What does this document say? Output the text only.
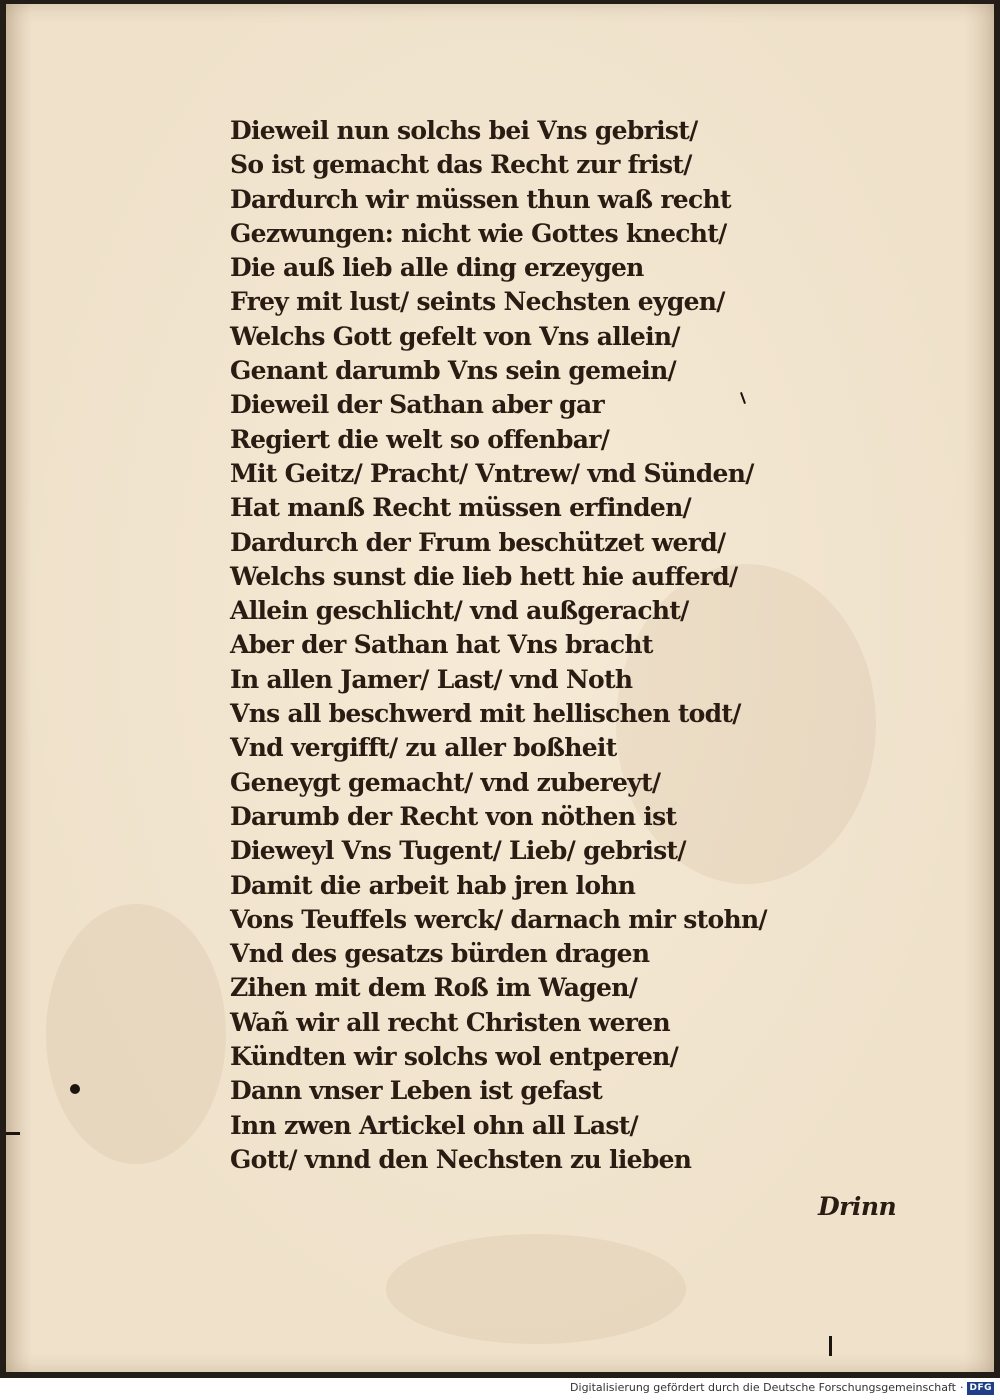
Dieweil nun solchs bei Vns gebrist/
So ist gemacht das Recht zur frist/
Dardurch wir müssen thun waß recht
Gezwungen: nicht wie Gottes knecht/
Die auß lieb alle ding erzeygen
Frey mit lust/ seints Nechsten eygen/
Welchs Gott gefelt von Vns allein/
Genant darumb Vns sein gemein/
Dieweil der Sathan aber gar
Regiert die welt so offenbar/
Mit Geitz/ Pracht/ Vntrew/ vnd Sünden/
Hat manß Recht müssen erfinden/
Dardurch der Frum beschützet werd/
Welchs sunst die lieb hett hie aufferd/
Allein geschlicht/ vnd außgeracht/
Aber der Sathan hat Vns bracht
In allen Jamer/ Last/ vnd Noth
Vns all beschwerd mit hellischen todt/
Vnd vergifft/ zu aller boßheit
Geneygt gemacht/ vnd zubereyt/
Darumb der Recht von nöthen ist
Dieweyl Vns Tugent/ Lieb/ gebrist/
Damit die arbeit hab jren lohn
Vons Teuffels werck/ darnach mir stohn/
Vnd des gesatzs bürden dragen
Zihen mit dem Roß im Wagen/
Wañ wir all recht Christen weren
Kündten wir solchs wol entperen/
Dann vnser Leben ist gefast
Inn zwen Artickel ohn all Last/
Gott/ vnnd den Nechsten zu lieben
Drinn
Digitalisierung gefördert durch die Deutsche Forschungsgemeinschaft · DFG
